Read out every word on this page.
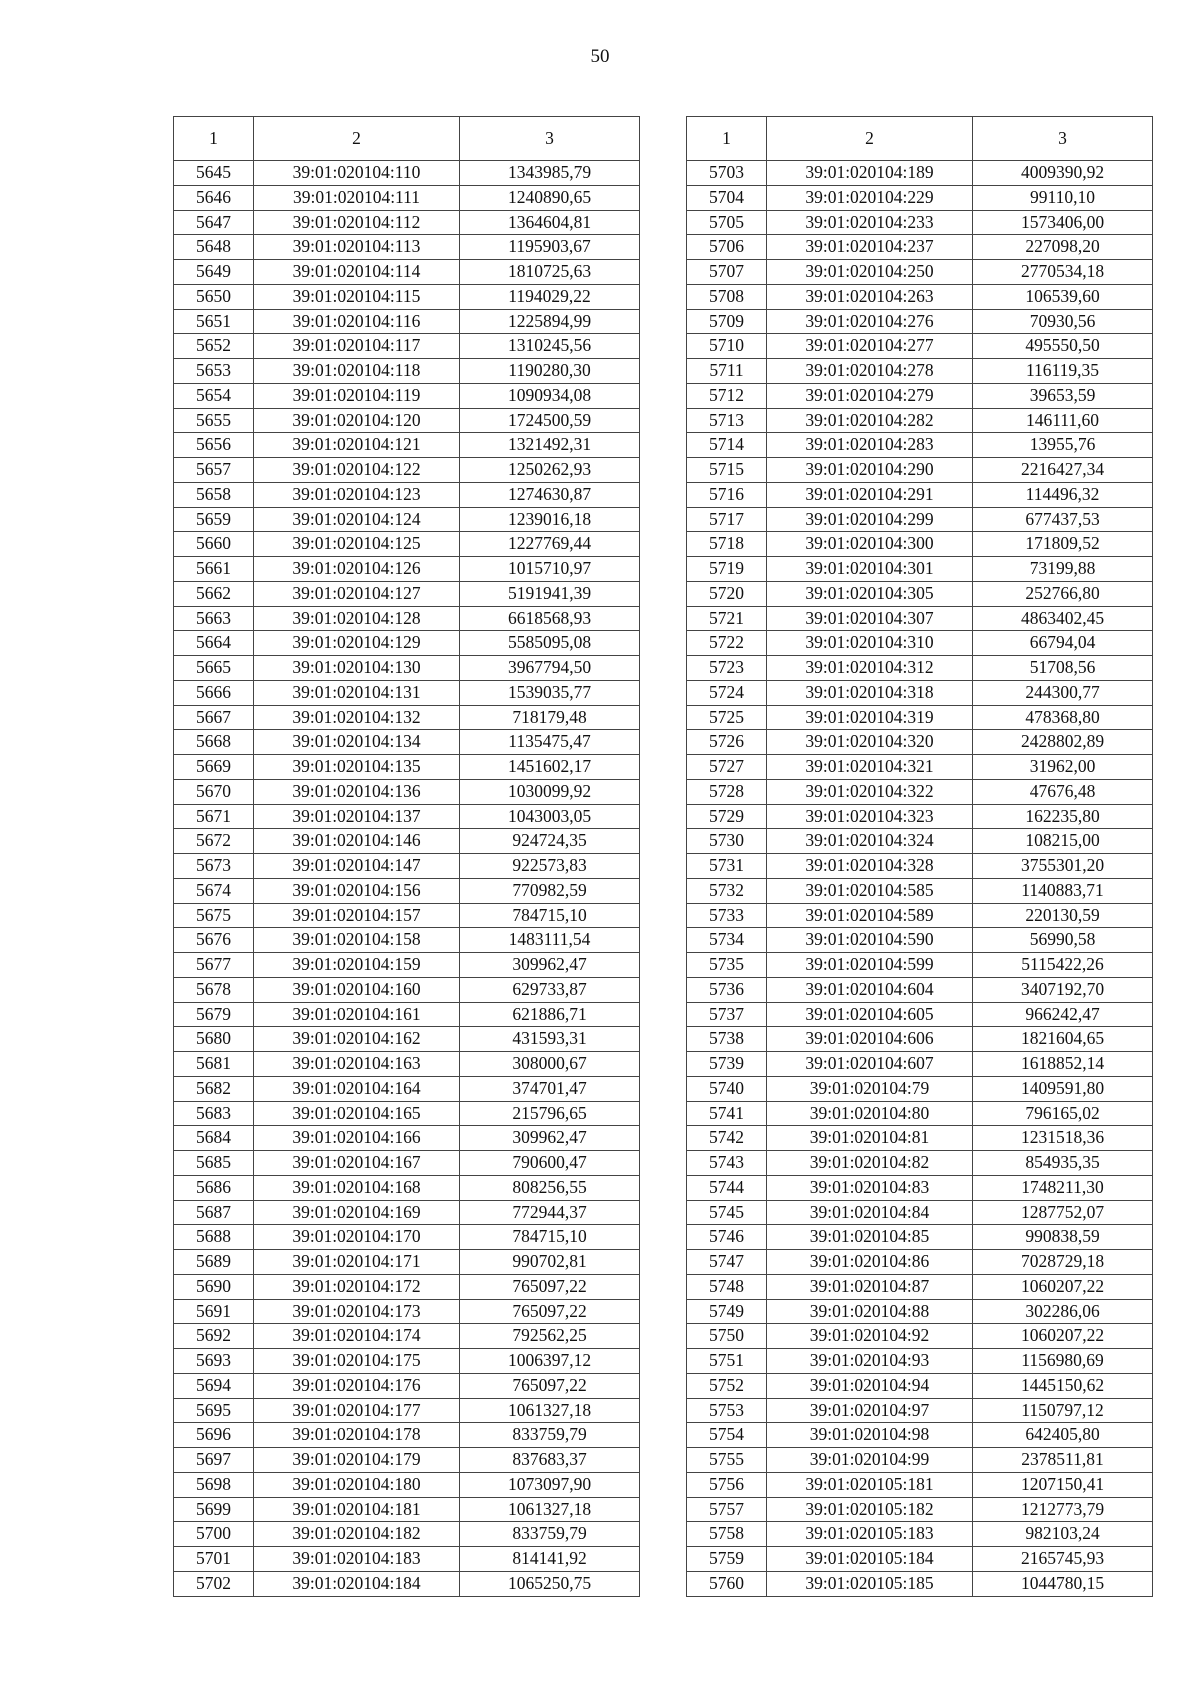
50
1	2	3
5645	39:01:020104:110	1343985,79
5646	39:01:020104:111	1240890,65
5647	39:01:020104:112	1364604,81
5648	39:01:020104:113	1195903,67
5649	39:01:020104:114	1810725,63
5650	39:01:020104:115	1194029,22
5651	39:01:020104:116	1225894,99
5652	39:01:020104:117	1310245,56
5653	39:01:020104:118	1190280,30
5654	39:01:020104:119	1090934,08
5655	39:01:020104:120	1724500,59
5656	39:01:020104:121	1321492,31
5657	39:01:020104:122	1250262,93
5658	39:01:020104:123	1274630,87
5659	39:01:020104:124	1239016,18
5660	39:01:020104:125	1227769,44
5661	39:01:020104:126	1015710,97
5662	39:01:020104:127	5191941,39
5663	39:01:020104:128	6618568,93
5664	39:01:020104:129	5585095,08
5665	39:01:020104:130	3967794,50
5666	39:01:020104:131	1539035,77
5667	39:01:020104:132	718179,48
5668	39:01:020104:134	1135475,47
5669	39:01:020104:135	1451602,17
5670	39:01:020104:136	1030099,92
5671	39:01:020104:137	1043003,05
5672	39:01:020104:146	924724,35
5673	39:01:020104:147	922573,83
5674	39:01:020104:156	770982,59
5675	39:01:020104:157	784715,10
5676	39:01:020104:158	1483111,54
5677	39:01:020104:159	309962,47
5678	39:01:020104:160	629733,87
5679	39:01:020104:161	621886,71
5680	39:01:020104:162	431593,31
5681	39:01:020104:163	308000,67
5682	39:01:020104:164	374701,47
5683	39:01:020104:165	215796,65
5684	39:01:020104:166	309962,47
5685	39:01:020104:167	790600,47
5686	39:01:020104:168	808256,55
5687	39:01:020104:169	772944,37
5688	39:01:020104:170	784715,10
5689	39:01:020104:171	990702,81
5690	39:01:020104:172	765097,22
5691	39:01:020104:173	765097,22
5692	39:01:020104:174	792562,25
5693	39:01:020104:175	1006397,12
5694	39:01:020104:176	765097,22
5695	39:01:020104:177	1061327,18
5696	39:01:020104:178	833759,79
5697	39:01:020104:179	837683,37
5698	39:01:020104:180	1073097,90
5699	39:01:020104:181	1061327,18
5700	39:01:020104:182	833759,79
5701	39:01:020104:183	814141,92
5702	39:01:020104:184	1065250,75
1	2	3
5703	39:01:020104:189	4009390,92
5704	39:01:020104:229	99110,10
5705	39:01:020104:233	1573406,00
5706	39:01:020104:237	227098,20
5707	39:01:020104:250	2770534,18
5708	39:01:020104:263	106539,60
5709	39:01:020104:276	70930,56
5710	39:01:020104:277	495550,50
5711	39:01:020104:278	116119,35
5712	39:01:020104:279	39653,59
5713	39:01:020104:282	146111,60
5714	39:01:020104:283	13955,76
5715	39:01:020104:290	2216427,34
5716	39:01:020104:291	114496,32
5717	39:01:020104:299	677437,53
5718	39:01:020104:300	171809,52
5719	39:01:020104:301	73199,88
5720	39:01:020104:305	252766,80
5721	39:01:020104:307	4863402,45
5722	39:01:020104:310	66794,04
5723	39:01:020104:312	51708,56
5724	39:01:020104:318	244300,77
5725	39:01:020104:319	478368,80
5726	39:01:020104:320	2428802,89
5727	39:01:020104:321	31962,00
5728	39:01:020104:322	47676,48
5729	39:01:020104:323	162235,80
5730	39:01:020104:324	108215,00
5731	39:01:020104:328	3755301,20
5732	39:01:020104:585	1140883,71
5733	39:01:020104:589	220130,59
5734	39:01:020104:590	56990,58
5735	39:01:020104:599	5115422,26
5736	39:01:020104:604	3407192,70
5737	39:01:020104:605	966242,47
5738	39:01:020104:606	1821604,65
5739	39:01:020104:607	1618852,14
5740	39:01:020104:79	1409591,80
5741	39:01:020104:80	796165,02
5742	39:01:020104:81	1231518,36
5743	39:01:020104:82	854935,35
5744	39:01:020104:83	1748211,30
5745	39:01:020104:84	1287752,07
5746	39:01:020104:85	990838,59
5747	39:01:020104:86	7028729,18
5748	39:01:020104:87	1060207,22
5749	39:01:020104:88	302286,06
5750	39:01:020104:92	1060207,22
5751	39:01:020104:93	1156980,69
5752	39:01:020104:94	1445150,62
5753	39:01:020104:97	1150797,12
5754	39:01:020104:98	642405,80
5755	39:01:020104:99	2378511,81
5756	39:01:020105:181	1207150,41
5757	39:01:020105:182	1212773,79
5758	39:01:020105:183	982103,24
5759	39:01:020105:184	2165745,93
5760	39:01:020105:185	1044780,15
